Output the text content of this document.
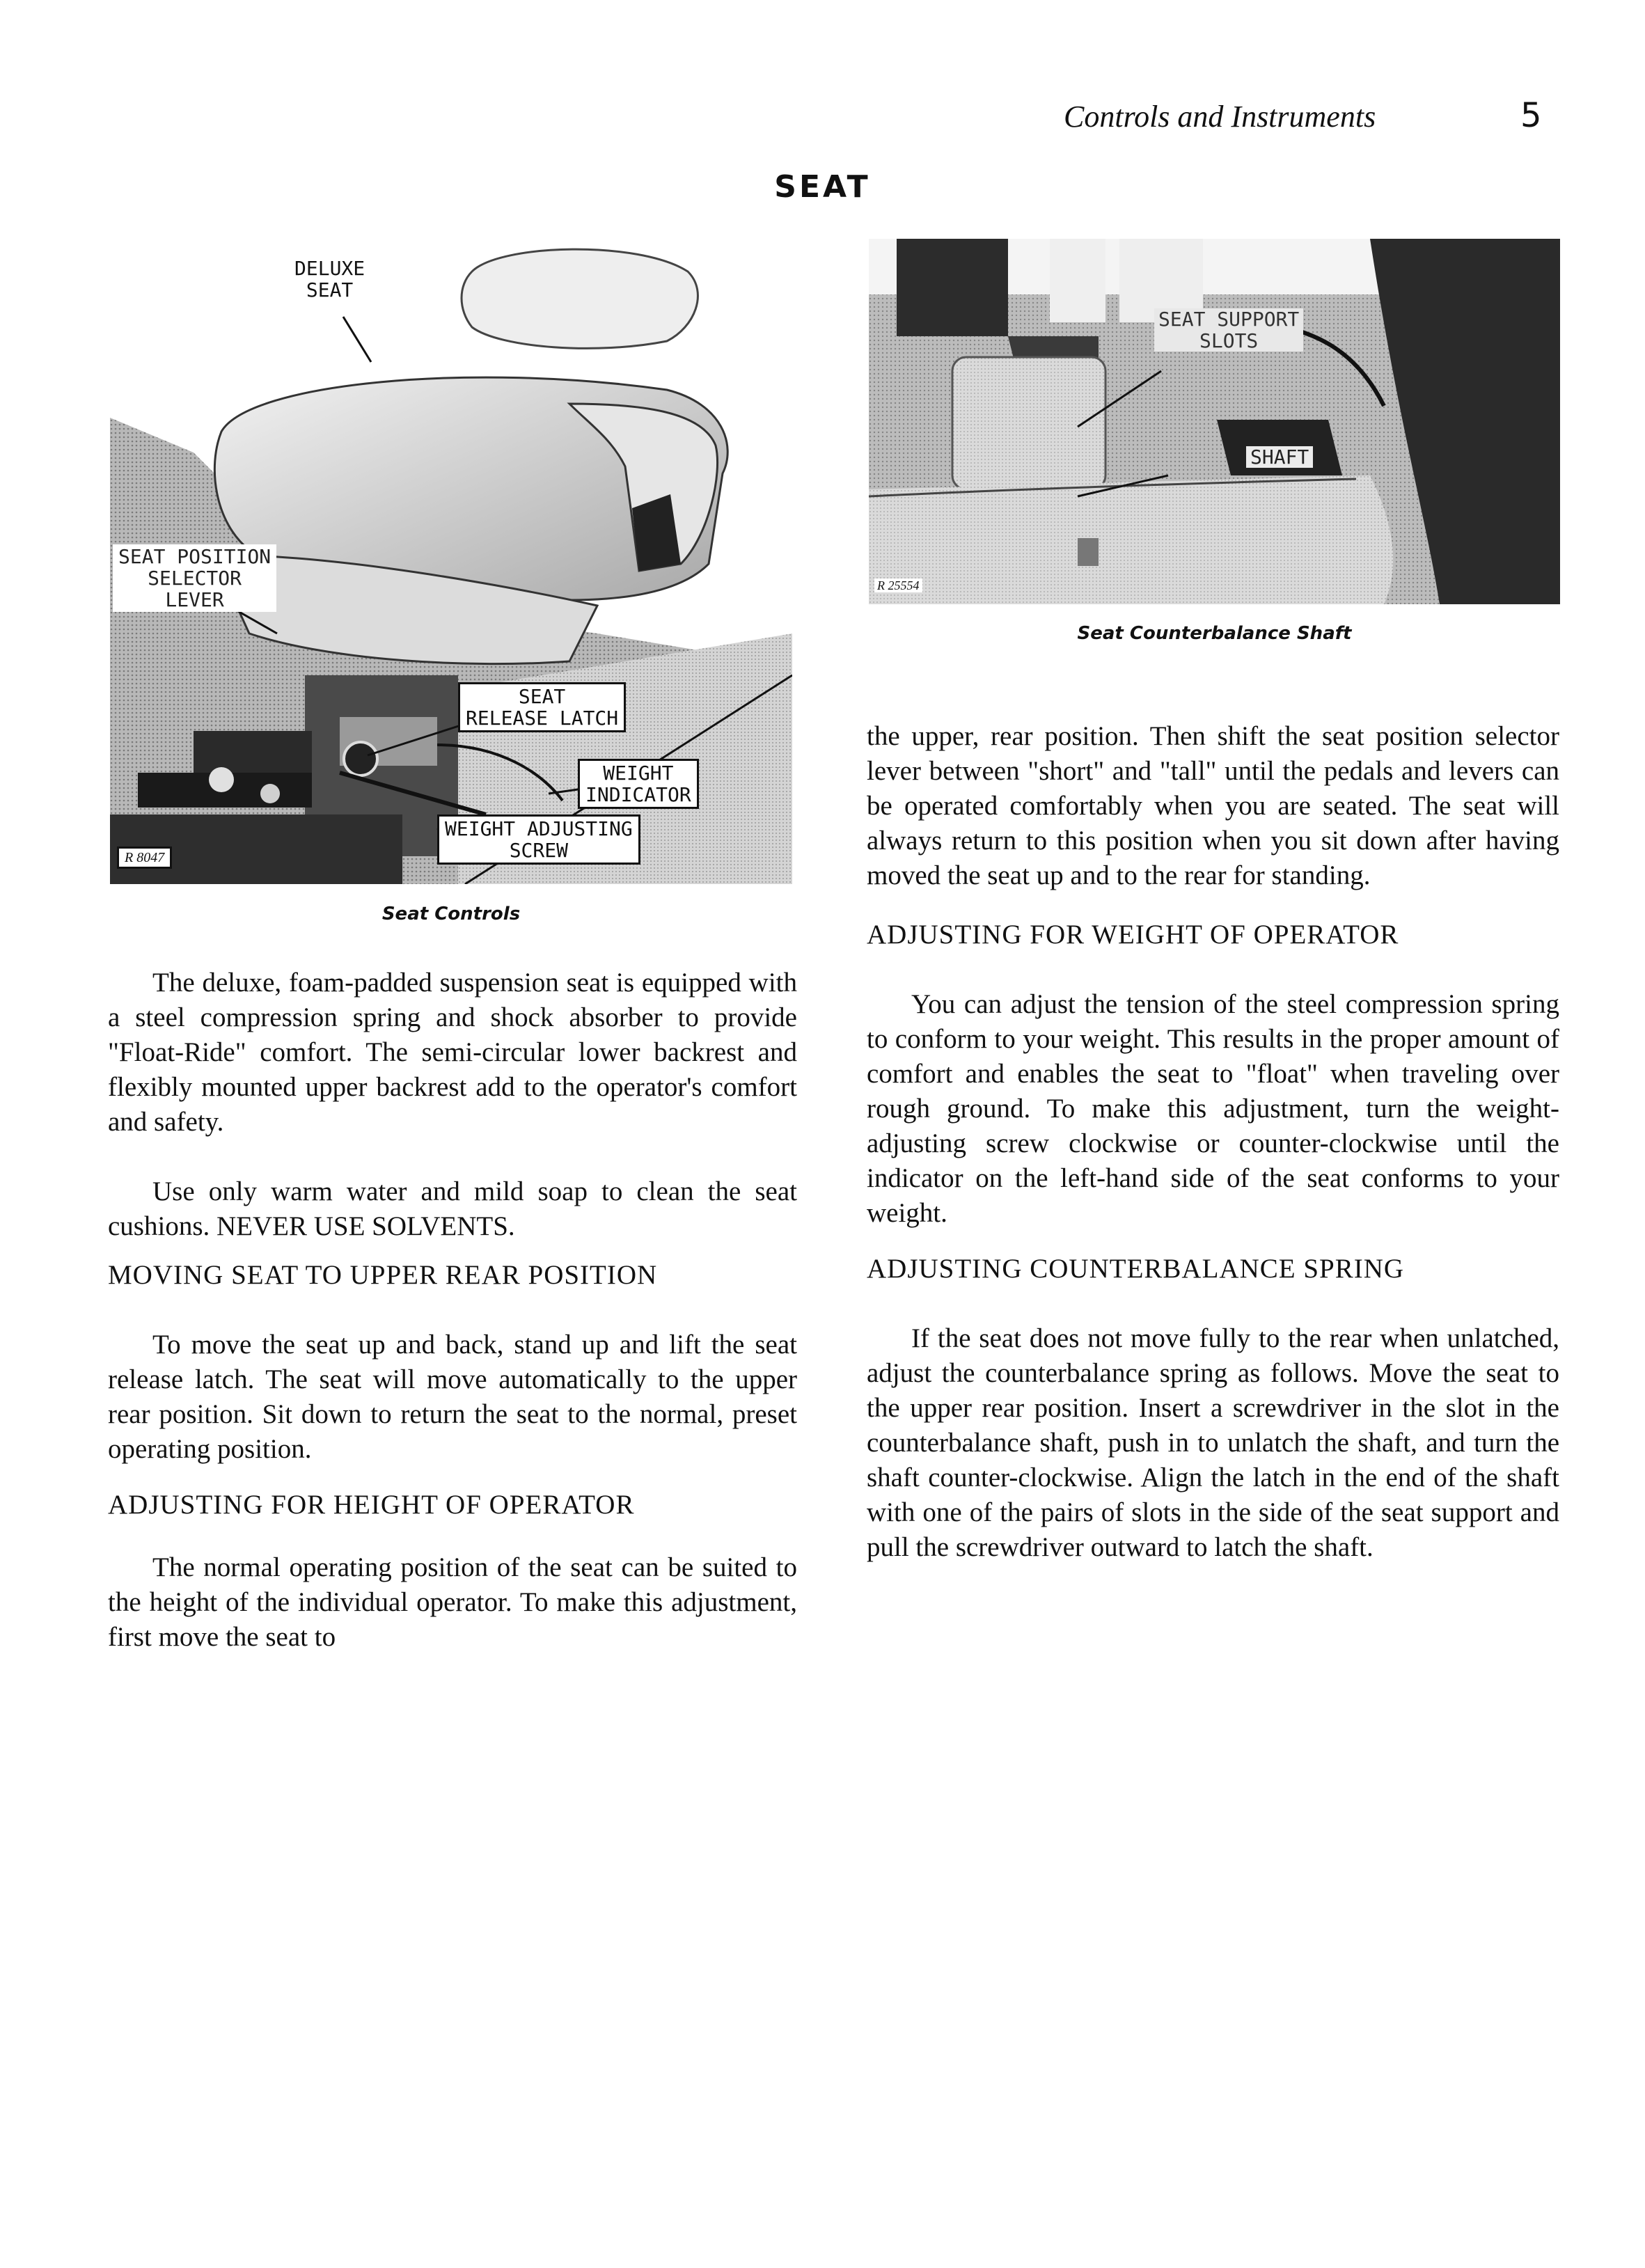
Controls and Instruments	5
SEAT
DELUXE
SEAT
SEAT POSITION
SELECTOR
LEVER
SEAT
RELEASE LATCH
WEIGHT
INDICATOR
WEIGHT ADJUSTING
SCREW
R 8047
Seat Controls
SEAT SUPPORT
SLOTS
SHAFT
R 25554
Seat Counterbalance Shaft

The deluxe, foam-padded suspension seat is equipped with a steel compression spring and shock absorber to provide "Float-Ride" comfort. The semi-circular lower backrest and flexibly mounted upper backrest add to the operator's comfort and safety.

Use only warm water and mild soap to clean the seat cushions. NEVER USE SOLVENTS.

MOVING SEAT TO UPPER REAR POSITION

To move the seat up and back, stand up and lift the seat release latch. The seat will move automatically to the upper rear position. Sit down to return the seat to the normal, preset operating position.

ADJUSTING FOR HEIGHT OF OPERATOR

The normal operating position of the seat can be suited to the height of the individual operator. To make this adjustment, first move the seat to

the upper, rear position. Then shift the seat position selector lever between "short" and "tall" until the pedals and levers can be operated comfortably when you are seated. The seat will always return to this position when you sit down after having moved the seat up and to the rear for standing.

ADJUSTING FOR WEIGHT OF OPERATOR

You can adjust the tension of the steel compression spring to conform to your weight. This results in the proper amount of comfort and enables the seat to "float" when traveling over rough ground. To make this adjustment, turn the weight-adjusting screw clockwise or counter-clockwise until the indicator on the left-hand side of the seat conforms to your weight.

ADJUSTING COUNTERBALANCE SPRING

If the seat does not move fully to the rear when unlatched, adjust the counterbalance spring as follows. Move the seat to the upper rear position. Insert a screwdriver in the slot in the counterbalance shaft, push in to unlatch the shaft, and turn the shaft counter-clockwise. Align the latch in the end of the shaft with one of the pairs of slots in the side of the seat support and pull the screwdriver outward to latch the shaft.
